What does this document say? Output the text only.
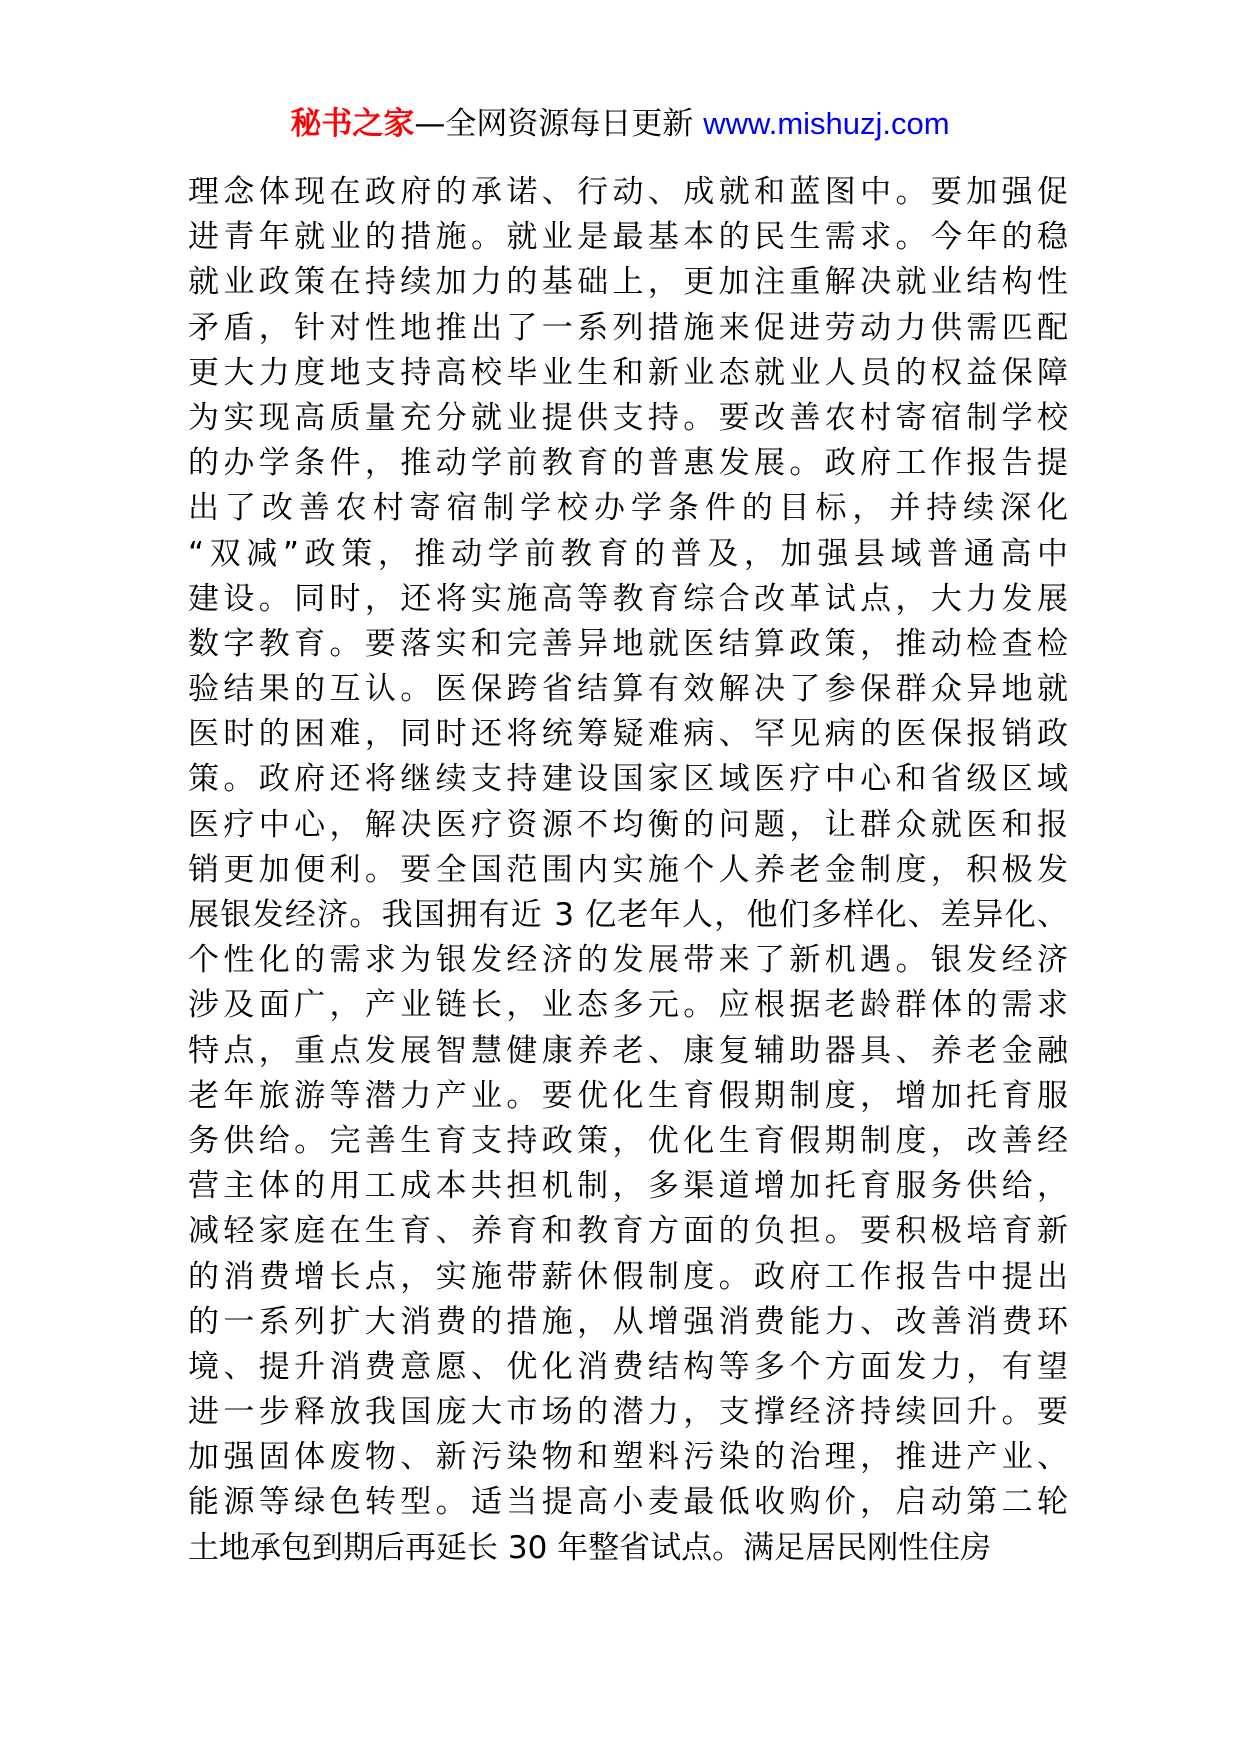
秘书之家—全网资源每日更新 www.mishuzj.com
理念体现在政府的承诺、行动、成就和蓝图中。要加强促
进青年就业的措施。就业是最基本的民生需求。今年的稳
就业政策在持续加力的基础上，更加注重解决就业结构性
矛盾，针对性地推出了一系列措施来促进劳动力供需匹配
更大力度地支持高校毕业生和新业态就业人员的权益保障
为实现高质量充分就业提供支持。要改善农村寄宿制学校
的办学条件，推动学前教育的普惠发展。政府工作报告提
出了改善农村寄宿制学校办学条件的目标，并持续深化
“双减”政策，推动学前教育的普及，加强县域普通高中
建设。同时，还将实施高等教育综合改革试点，大力发展
数字教育。要落实和完善异地就医结算政策，推动检查检
验结果的互认。医保跨省结算有效解决了参保群众异地就
医时的困难，同时还将统筹疑难病、罕见病的医保报销政
策。政府还将继续支持建设国家区域医疗中心和省级区域
医疗中心，解决医疗资源不均衡的问题，让群众就医和报
销更加便利。要全国范围内实施个人养老金制度，积极发
展银发经济。我国拥有近 3 亿老年人，他们多样化、差异化、
个性化的需求为银发经济的发展带来了新机遇。银发经济
涉及面广，产业链长，业态多元。应根据老龄群体的需求
特点，重点发展智慧健康养老、康复辅助器具、养老金融
老年旅游等潜力产业。要优化生育假期制度，增加托育服
务供给。完善生育支持政策，优化生育假期制度，改善经
营主体的用工成本共担机制，多渠道增加托育服务供给，
减轻家庭在生育、养育和教育方面的负担。要积极培育新
的消费增长点，实施带薪休假制度。政府工作报告中提出
的一系列扩大消费的措施，从增强消费能力、改善消费环
境、提升消费意愿、优化消费结构等多个方面发力，有望
进一步释放我国庞大市场的潜力，支撑经济持续回升。要
加强固体废物、新污染物和塑料污染的治理，推进产业、
能源等绿色转型。适当提高小麦最低收购价，启动第二轮
土地承包到期后再延长 30 年整省试点。满足居民刚性住房
